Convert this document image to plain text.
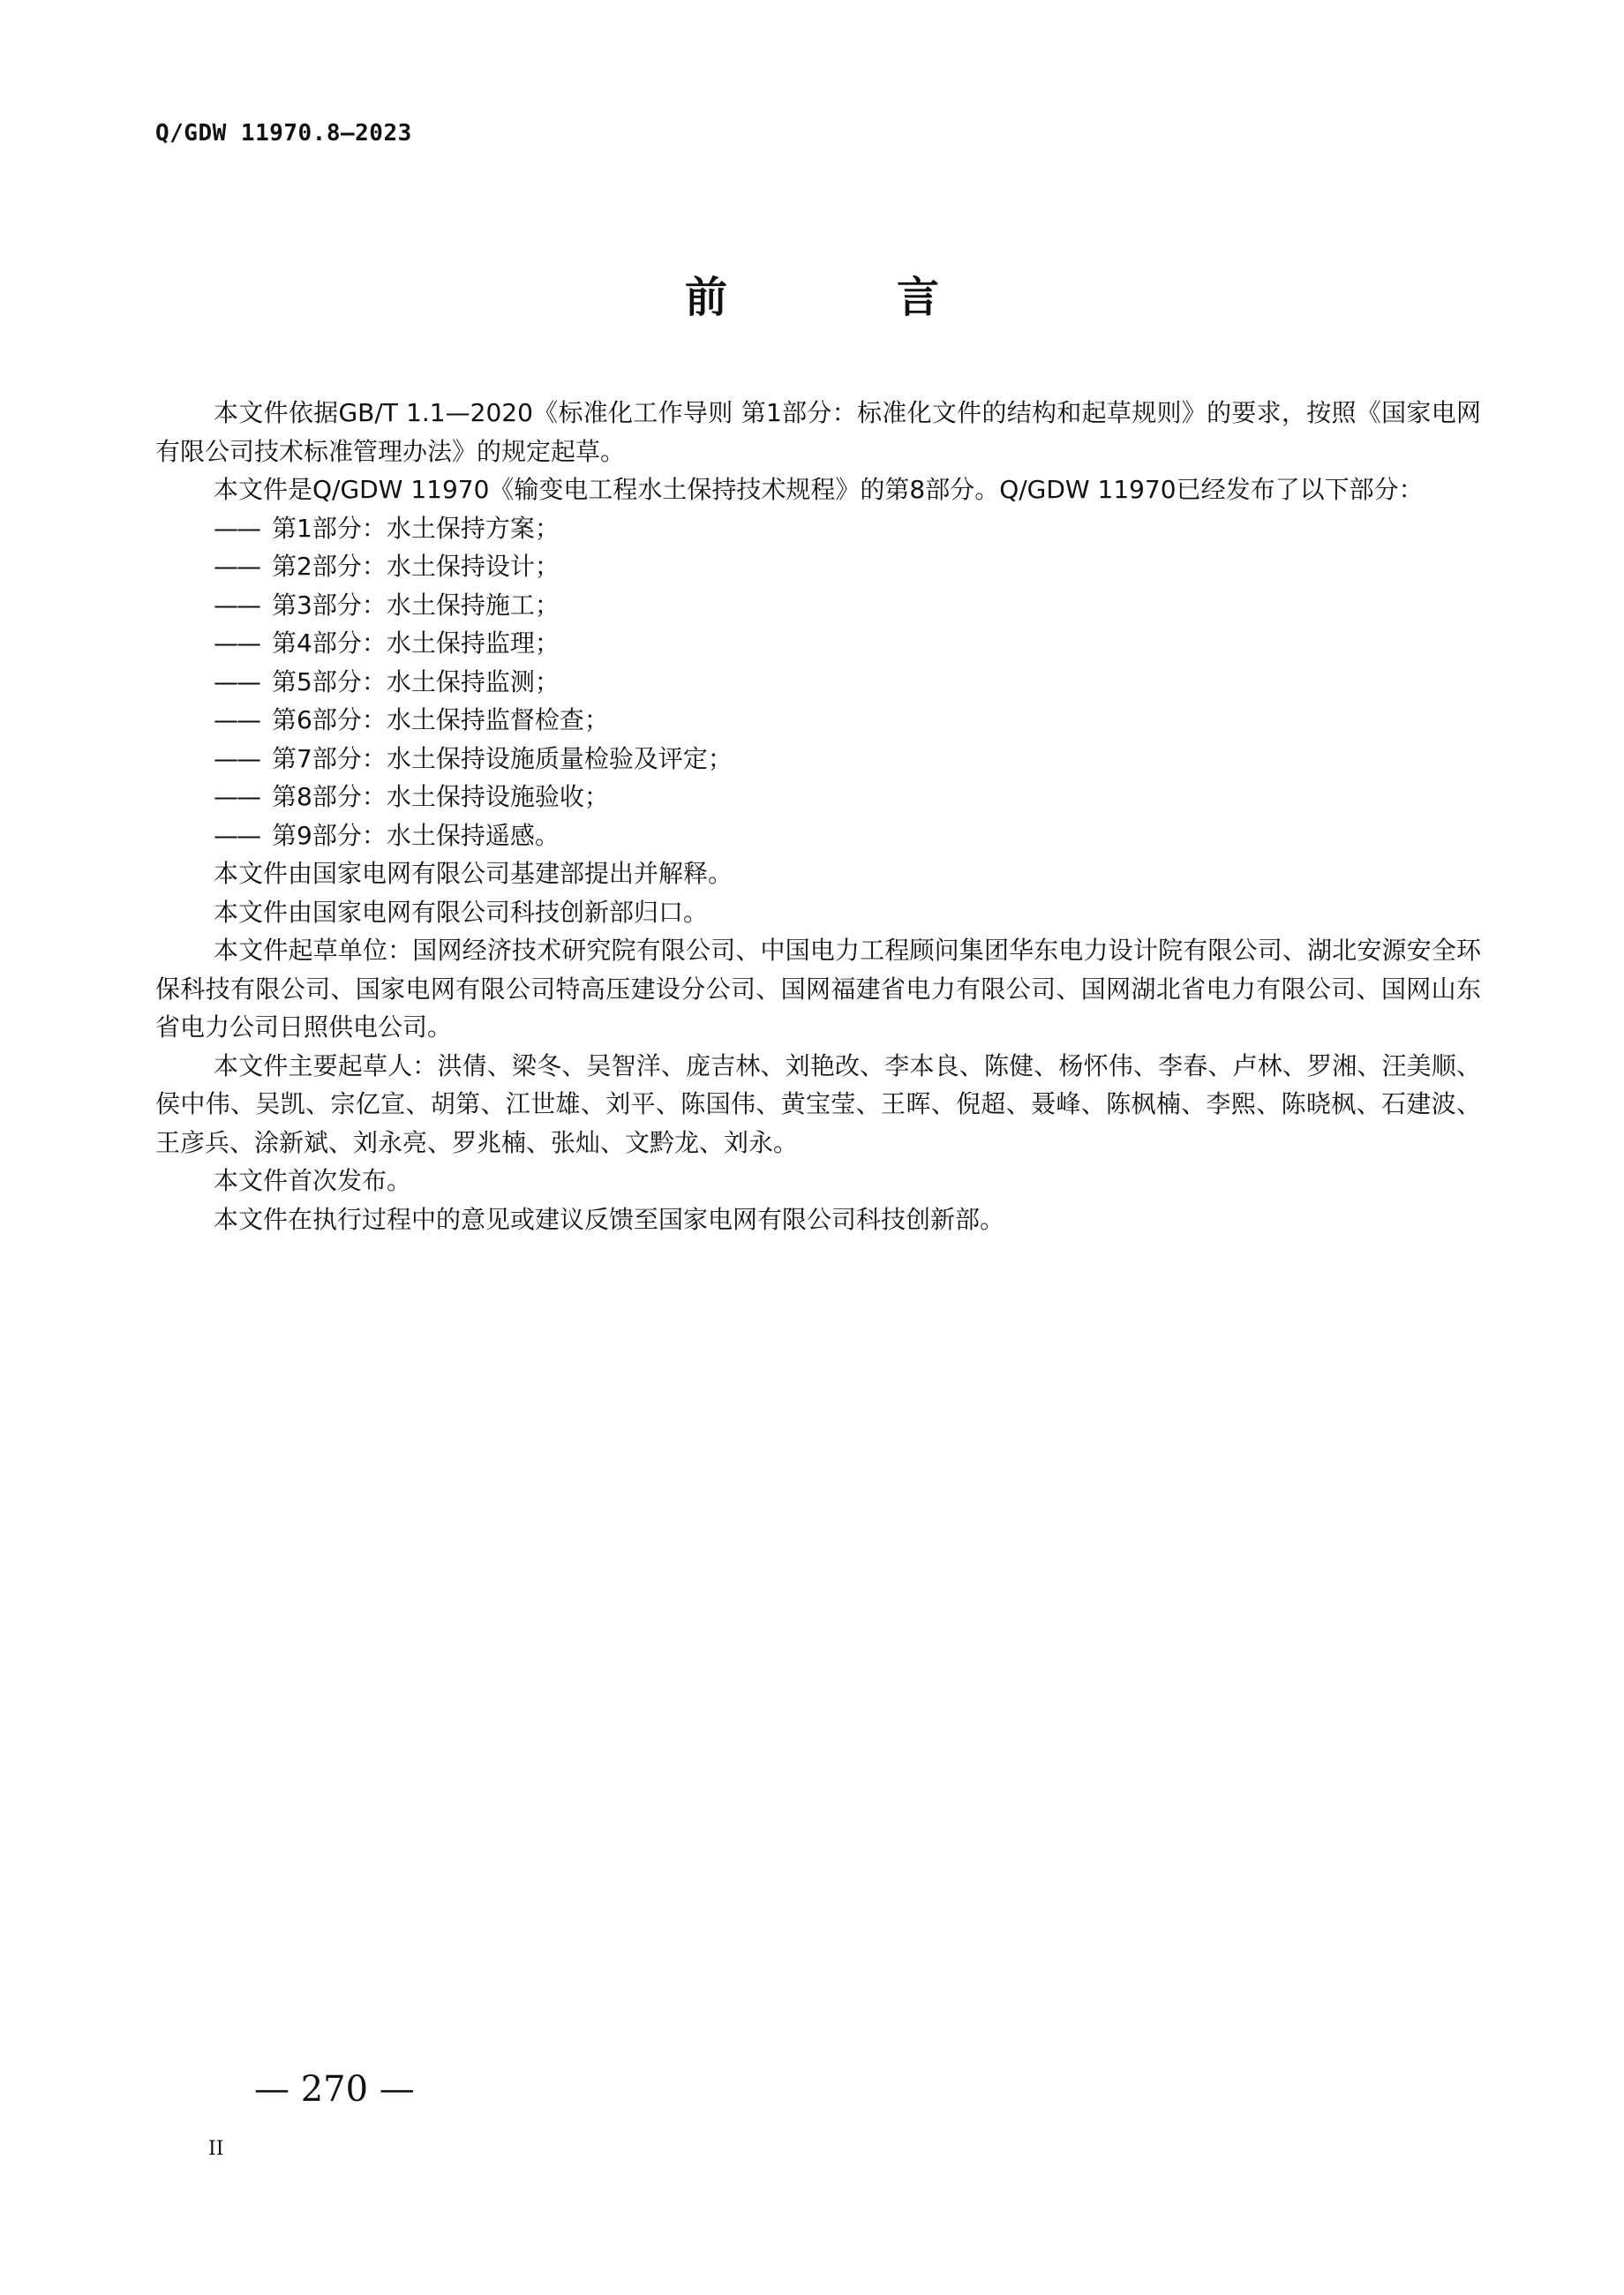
Q/GDW 11970.8—2023
前　言

本文件依据GB/T 1.1—2020《标准化工作导则 第1部分：标准化文件的结构和起草规则》的要求，按照《国家电网有限公司技术标准管理办法》的规定起草。

本文件是Q/GDW 11970《输变电工程水土保持技术规程》的第8部分。Q/GDW 11970已经发布了以下部分：

—— 第1部分：水土保持方案；

—— 第2部分：水土保持设计；

—— 第3部分：水土保持施工；

—— 第4部分：水土保持监理；

—— 第5部分：水土保持监测；

—— 第6部分：水土保持监督检查；

—— 第7部分：水土保持设施质量检验及评定；

—— 第8部分：水土保持设施验收；

—— 第9部分：水土保持遥感。

本文件由国家电网有限公司基建部提出并解释。

本文件由国家电网有限公司科技创新部归口。

本文件起草单位：国网经济技术研究院有限公司、中国电力工程顾问集团华东电力设计院有限公司、湖北安源安全环保科技有限公司、国家电网有限公司特高压建设分公司、国网福建省电力有限公司、国网湖北省电力有限公司、国网山东省电力公司日照供电公司。

本文件主要起草人：洪倩、梁冬、吴智洋、庞吉林、刘艳改、李本良、陈健、杨怀伟、李春、卢林、罗湘、汪美顺、侯中伟、吴凯、宗亿宣、胡第、江世雄、刘平、陈国伟、黄宝莹、王晖、倪超、聂峰、陈枫楠、李熙、陈晓枫、石建波、王彦兵、涂新斌、刘永亮、罗兆楠、张灿、文黔龙、刘永。

本文件首次发布。

本文件在执行过程中的意见或建议反馈至国家电网有限公司科技创新部。

— 270 —
II
